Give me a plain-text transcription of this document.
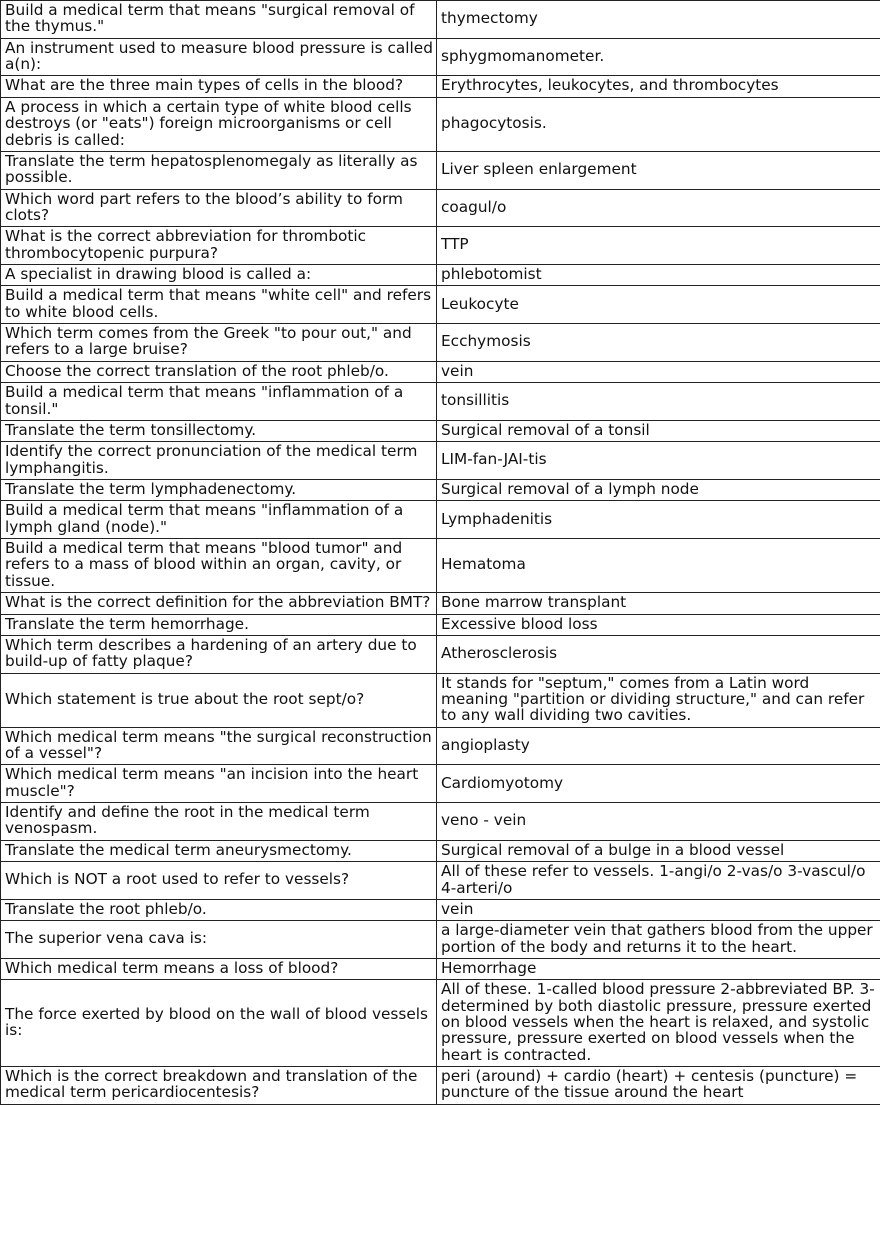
Build a medical term that means "surgical removal of the thymus."	thymectomy
An instrument used to measure blood pressure is called a(n):	sphygmomanometer.
What are the three main types of cells in the blood?	Erythrocytes, leukocytes, and thrombocytes
A process in which a certain type of white blood cells destroys (or "eats") foreign microorganisms or cell debris is called:	phagocytosis.
Translate the term hepatosplenomegaly as literally as possible.	Liver spleen enlargement
Which word part refers to the blood’s ability to form clots?	coagul/o
What is the correct abbreviation for thrombotic thrombocytopenic purpura?	TTP
A specialist in drawing blood is called a:	phlebotomist
Build a medical term that means "white cell" and refers to white blood cells.	Leukocyte
Which term comes from the Greek "to pour out," and refers to a large bruise?	Ecchymosis
Choose the correct translation of the root phleb/o.	vein
Build a medical term that means "inflammation of a tonsil."	tonsillitis
Translate the term tonsillectomy.	Surgical removal of a tonsil
Identify the correct pronunciation of the medical term lymphangitis.	LIM-fan-JAI-tis
Translate the term lymphadenectomy.	Surgical removal of a lymph node
Build a medical term that means "inflammation of a lymph gland (node)."	Lymphadenitis
Build a medical term that means "blood tumor" and refers to a mass of blood within an organ, cavity, or tissue.	Hematoma
What is the correct definition for the abbreviation BMT?	Bone marrow transplant
Translate the term hemorrhage.	Excessive blood loss
Which term describes a hardening of an artery due to build-up of fatty plaque?	Atherosclerosis
Which statement is true about the root sept/o?	It stands for "septum," comes from a Latin word meaning "partition or dividing structure," and can refer to any wall dividing two cavities.
Which medical term means "the surgical reconstruction of a vessel"?	angioplasty
Which medical term means "an incision into the heart muscle"?	Cardiomyotomy
Identify and define the root in the medical term venospasm.	veno - vein
Translate the medical term aneurysmectomy.	Surgical removal of a bulge in a blood vessel
Which is NOT a root used to refer to vessels?	All of these refer to vessels. 1-angi/o 2-vas/o 3-vascul/o 4-arteri/o
Translate the root phleb/o.	vein
The superior vena cava is:	a large-diameter vein that gathers blood from the upper portion of the body and returns it to the heart.
Which medical term means a loss of blood?	Hemorrhage
The force exerted by blood on the wall of blood vessels is:	All of these. 1-called blood pressure 2-abbreviated BP. 3-determined by both diastolic pressure, pressure exerted on blood vessels when the heart is relaxed, and systolic pressure, pressure exerted on blood vessels when the heart is contracted.
Which is the correct breakdown and translation of the medical term pericardiocentesis?	peri (around) + cardio (heart) + centesis (puncture) = puncture of the tissue around the heart
